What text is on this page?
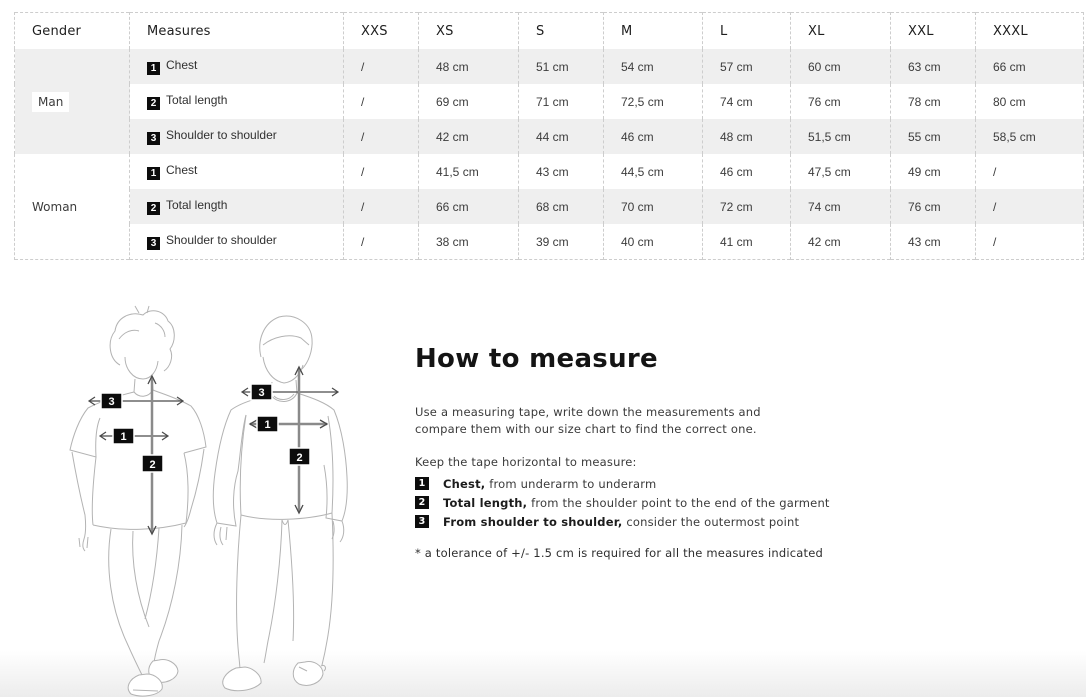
Gender	Measures	XXS	XS	S	M	L	XL	XXL	XXXL
Man	1 Chest	/	48 cm	51 cm	54 cm	57 cm	60 cm	63 cm	66 cm
	2 Total length	/	69 cm	71 cm	72,5 cm	74 cm	76 cm	78 cm	80 cm
	3 Shoulder to shoulder	/	42 cm	44 cm	46 cm	48 cm	51,5 cm	55 cm	58,5 cm
Woman	1 Chest	/	41,5 cm	43 cm	44,5 cm	46 cm	47,5 cm	49 cm	/
	2 Total length	/	66 cm	68 cm	70 cm	72 cm	74 cm	76 cm	/
	3 Shoulder to shoulder	/	38 cm	39 cm	40 cm	41 cm	42 cm	43 cm	/
3
1
2
3
1
2
How to measure
Use a measuring tape, write down the measurements and compare them with our size chart to find the correct one.
Keep the tape horizontal to measure:
1	Chest, from underarm to underarm
2	Total length, from the shoulder point to the end of the garment
3	From shoulder to shoulder, consider the outermost point
* a tolerance of +/- 1.5 cm is required for all the measures indicated
